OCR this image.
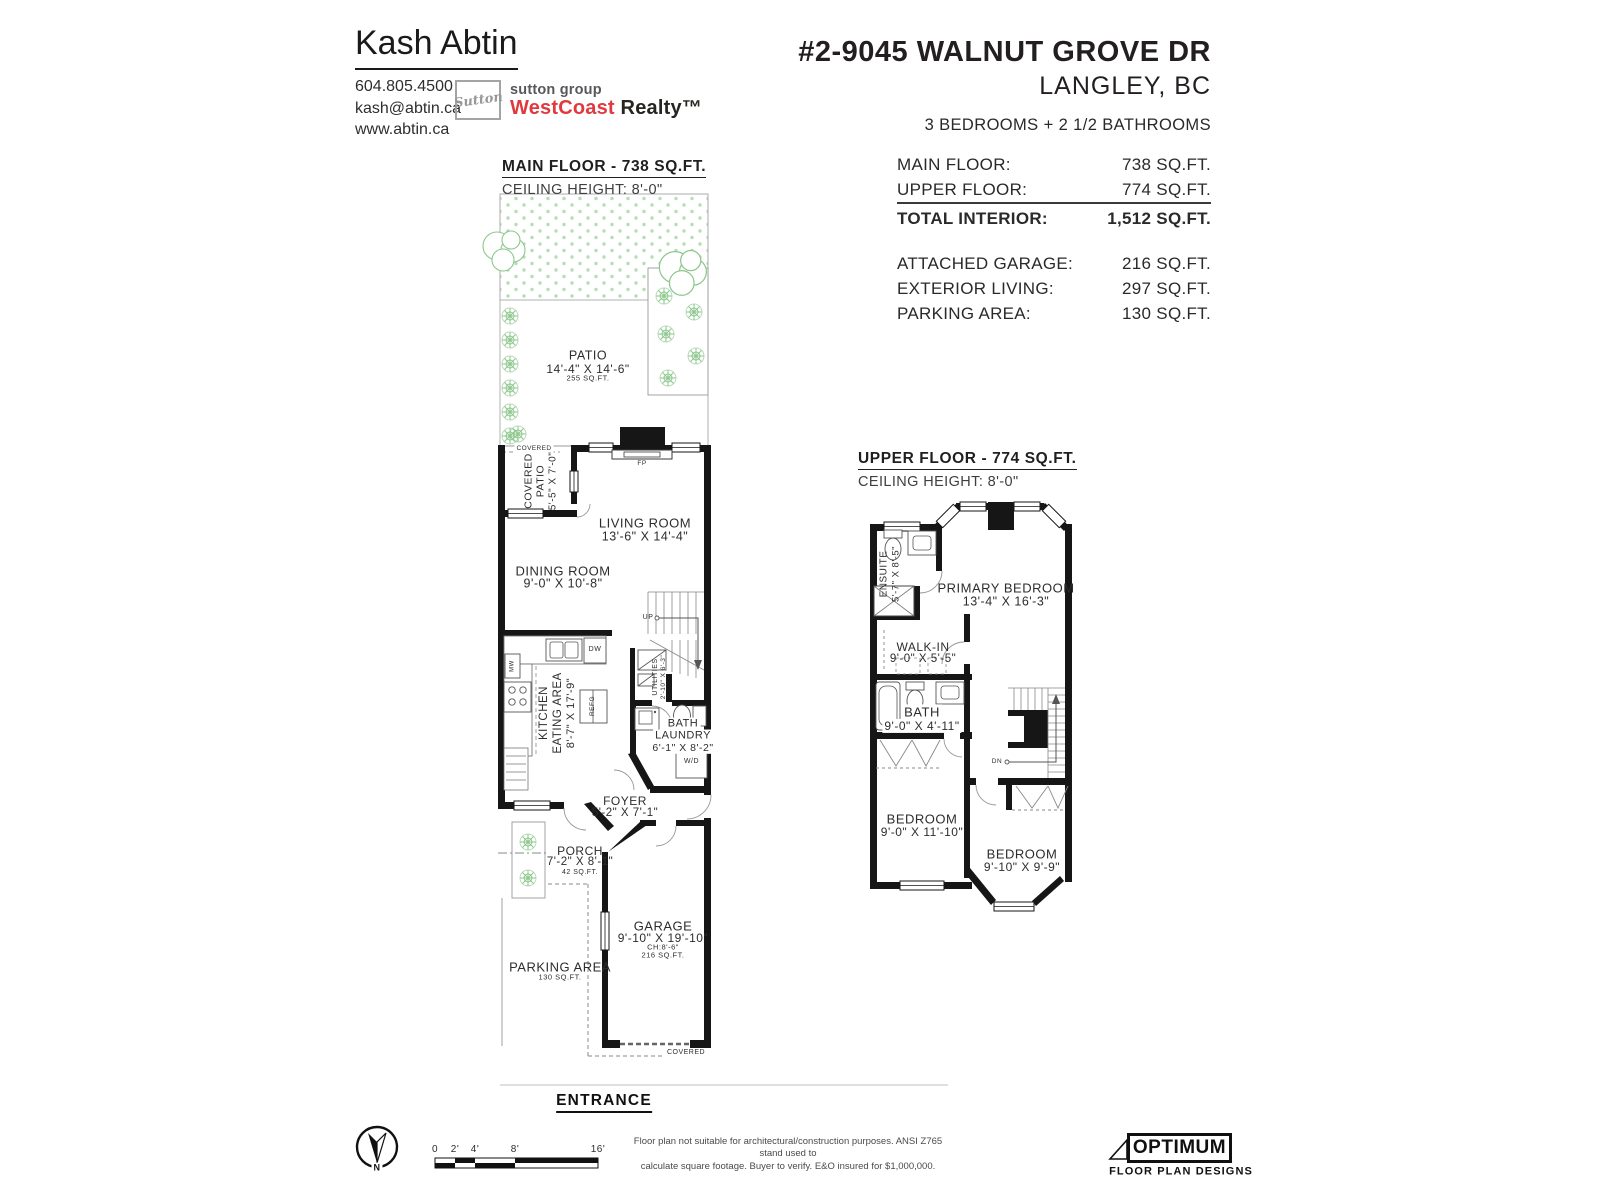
Kash Abtin
604.805.4500
kash@abtin.ca
www.abtin.ca
Sutton sutton group
WestCoast Realty™
#2-9045 WALNUT GROVE DR
LANGLEY, BC
3 BEDROOMS + 2 1/2 BATHROOMS
MAIN FLOOR:	738 SQ.FT.
UPPER FLOOR:	774 SQ.FT.
TOTAL INTERIOR:	1,512 SQ.FT.
ATTACHED GARAGE:	216 SQ.FT.
EXTERIOR LIVING:	297 SQ.FT.
PARKING AREA:	130 SQ.FT.
MAIN FLOOR - 738 SQ.FT.
CEILING HEIGHT: 8'-0"
UPPER FLOOR - 774 SQ.FT.
CEILING HEIGHT: 8'-0"
PATIO
14'-4" X 14'-6"
255 SQ.FT.
COVERED
COVERED PATIO 5'-5" X 7'-0"	FP
LIVING ROOM
13'-6" X 14'-4"
DINING ROOM
9'-0" X 10'-8"
UP
KITCHEN EATING AREA 8'-7" X 17'-9"
DW
MW
REFG
UTILITIES 2'-10" X 6'-3"
BATH
LAUNDRY
6'-1" X 8'-2"
W/D
FOYER
5'-2" X 7'-1"
PORCH
7'-2" X 8'-1"
42 SQ.FT.
GARAGE
9'-10" X 19'-10"
CH:8'-6"
216 SQ.FT.
PARKING AREA
130 SQ.FT.
COVERED
ENTRANCE
ENSUITE 5'-7" X 8'-5"	PRIMARY BEDROOM
13'-4" X 16'-3"
WALK-IN
9'-0" X 5'-5"
BATH
9'-0" X 4'-11"
DN
BEDROOM
9'-0" X 11'-10"
BEDROOM
9'-10" X 9'-9"
N
0 2' 4'	8'	16'
Floor plan not suitable for architectural/construction purposes. ANSI Z765 stand used to
calculate square footage. Buyer to verify. E&O insured for $1,000,000.
OPTIMUM
FLOOR PLAN DESIGNS
